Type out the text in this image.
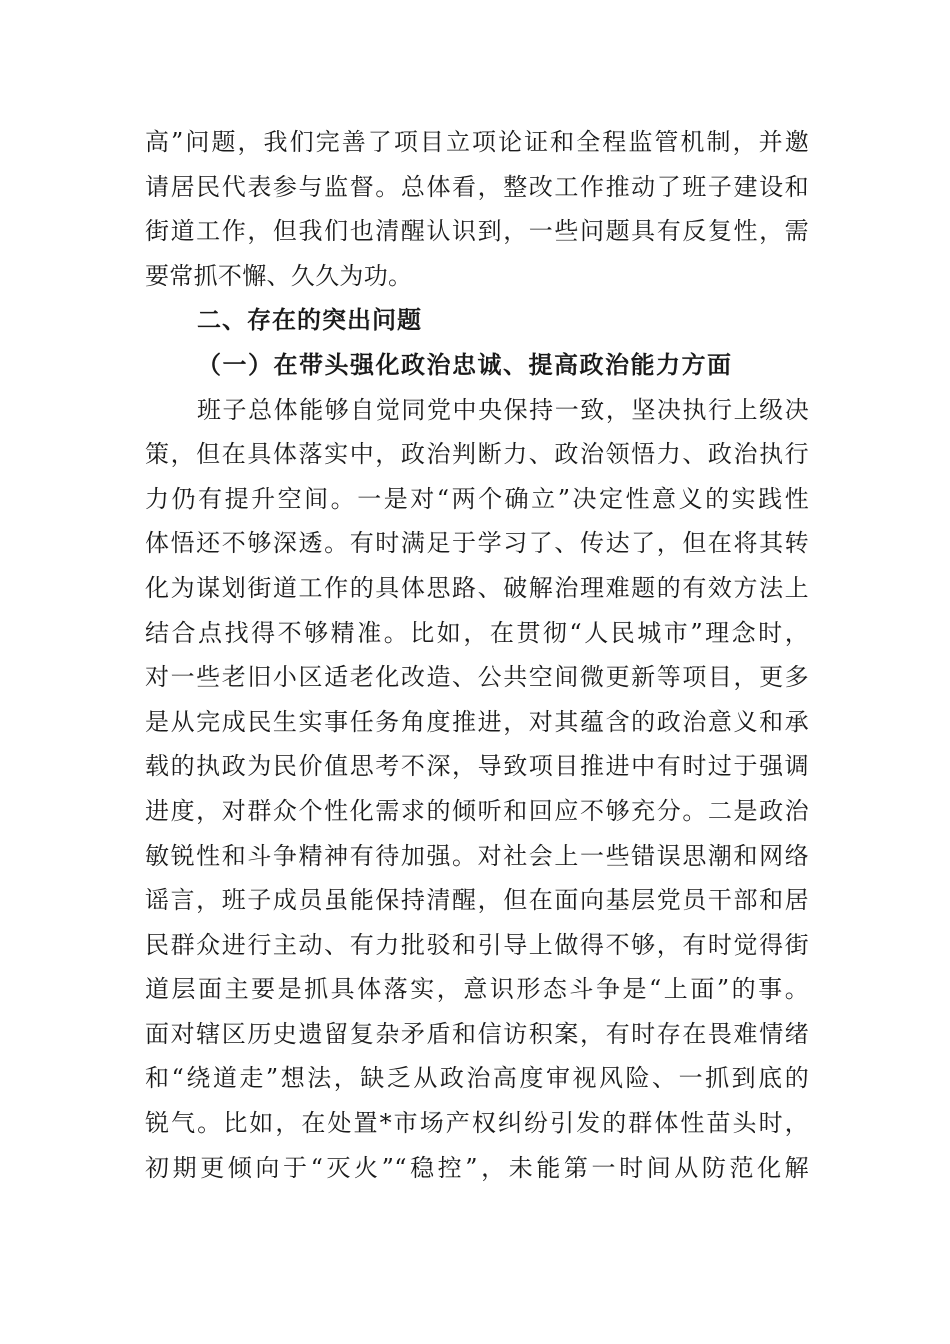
高”问题，我们完善了项目立项论证和全程监管机制，并邀
请居民代表参与监督。总体看，整改工作推动了班子建设和
街道工作，但我们也清醒认识到，一些问题具有反复性，需
要常抓不懈、久久为功。
二、存在的突出问题
（一）在带头强化政治忠诚、提高政治能力方面
班子总体能够自觉同党中央保持一致，坚决执行上级决
策，但在具体落实中，政治判断力、政治领悟力、政治执行
力仍有提升空间。一是对“两个确立”决定性意义的实践性
体悟还不够深透。有时满足于学习了、传达了，但在将其转
化为谋划街道工作的具体思路、破解治理难题的有效方法上
结合点找得不够精准。比如，在贯彻“人民城市”理念时，
对一些老旧小区适老化改造、公共空间微更新等项目，更多
是从完成民生实事任务角度推进，对其蕴含的政治意义和承
载的执政为民价值思考不深，导致项目推进中有时过于强调
进度，对群众个性化需求的倾听和回应不够充分。二是政治
敏锐性和斗争精神有待加强。对社会上一些错误思潮和网络
谣言，班子成员虽能保持清醒，但在面向基层党员干部和居
民群众进行主动、有力批驳和引导上做得不够，有时觉得街
道层面主要是抓具体落实，意识形态斗争是“上面”的事。
面对辖区历史遗留复杂矛盾和信访积案，有时存在畏难情绪
和“绕道走”想法，缺乏从政治高度审视风险、一抓到底的
锐气。比如，在处置*市场产权纠纷引发的群体性苗头时，
初期更倾向于“灭火”“稳控”，未能第一时间从防范化解
